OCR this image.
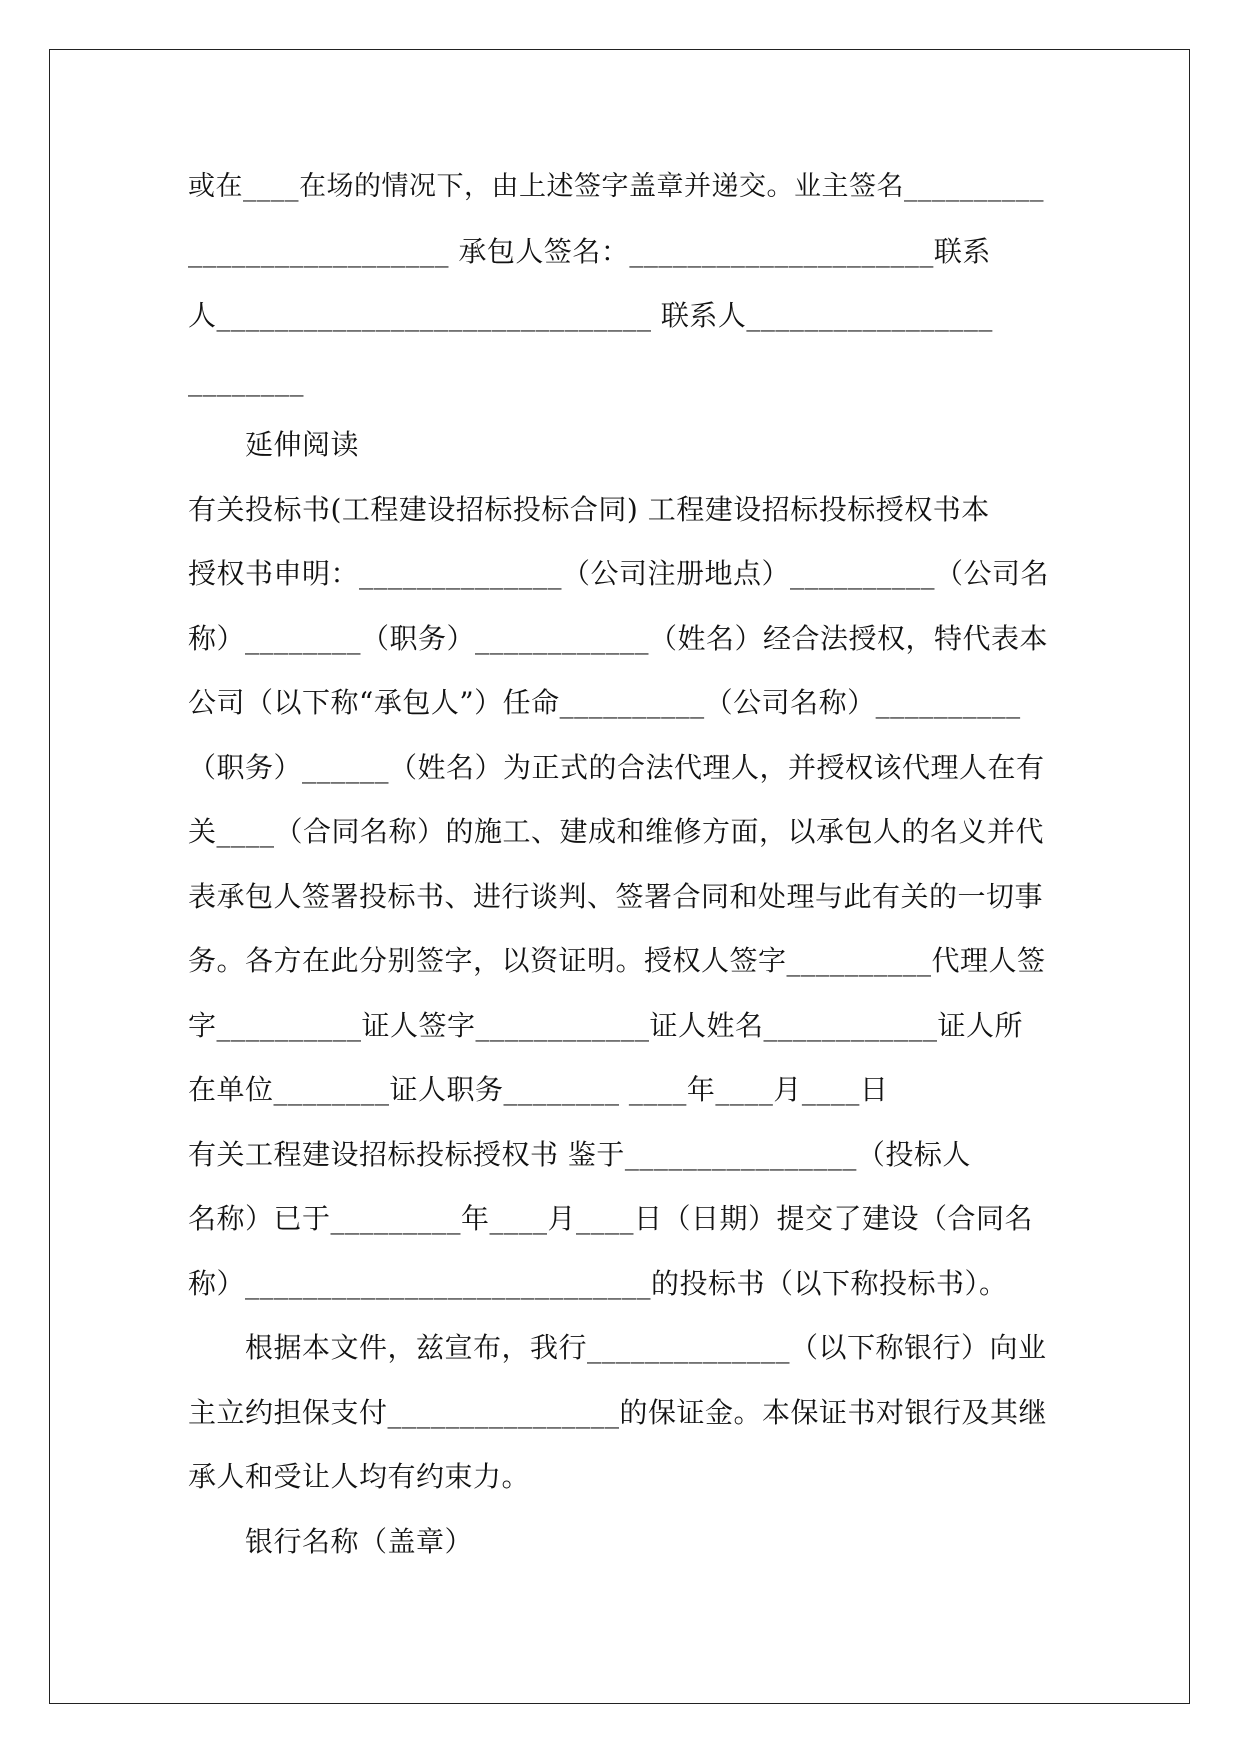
或在____在场的情况下，由上述签字盖章并递交。业主签名__________
__________________ 承包人签名：_____________________联系
人______________________________ 联系人_________________
________
延伸阅读
有关投标书(工程建设招标投标合同) 工程建设招标投标授权书本
授权书申明：______________（公司注册地点）__________（公司名
称）________（职务）____________（姓名）经合法授权，特代表本
公司（以下称“承包人”）任命__________（公司名称）__________
（职务）______（姓名）为正式的合法代理人，并授权该代理人在有
关____（合同名称）的施工、建成和维修方面，以承包人的名义并代
表承包人签署投标书、进行谈判、签署合同和处理与此有关的一切事
务。各方在此分别签字，以资证明。授权人签字__________代理人签
字__________证人签字____________证人姓名____________证人所
在单位________证人职务________ ____年____月____日
有关工程建设招标投标授权书 鉴于________________（投标人
名称）已于_________年____月____日（日期）提交了建设（合同名
称）____________________________的投标书（以下称投标书）。
根据本文件，兹宣布，我行______________（以下称银行）向业
主立约担保支付________________的保证金。本保证书对银行及其继
承人和受让人均有约束力。
银行名称（盖章）
